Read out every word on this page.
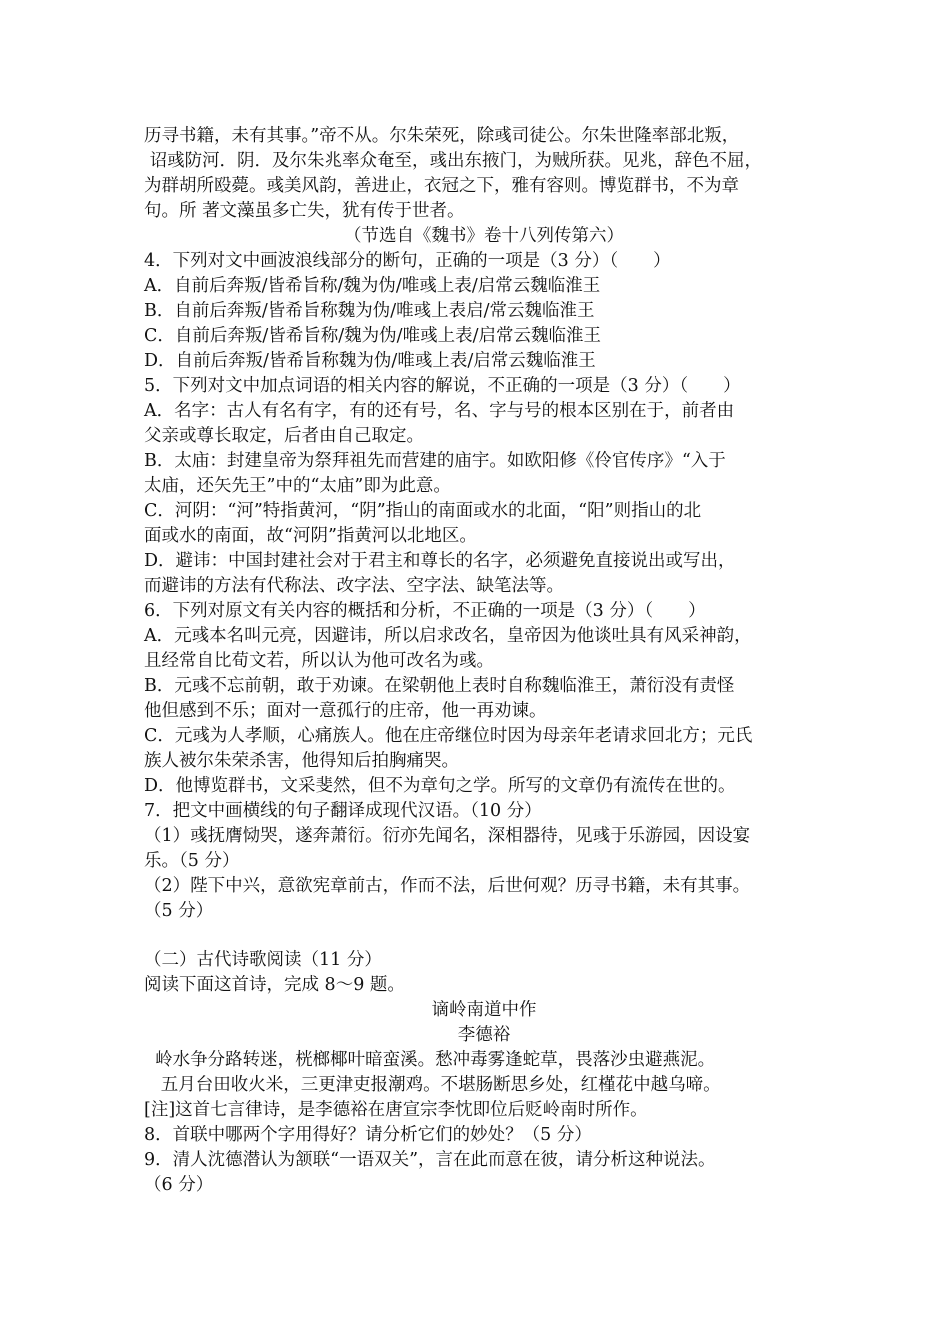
历寻书籍，未有其事。”帝不从。尔朱荣死，除彧司徒公。尔朱世隆率部北叛，
诏彧防河．阴．及尔朱兆率众奄至，彧出东掖门，为贼所获。见兆，辞色不屈，
为群胡所殴薨。彧美风韵，善进止，衣冠之下，雅有容则。博览群书，不为章
句。所 著文藻虽多亡失，犹有传于世者。
（节选自《魏书》卷十八列传第六）
4．下列对文中画波浪线部分的断句，正确的一项是（3 分）（　　）
A．自前后奔叛/皆希旨称/魏为伪/唯彧上表/启常云魏临淮王
B．自前后奔叛/皆希旨称魏为伪/唯彧上表启/常云魏临淮王
C．自前后奔叛/皆希旨称/魏为伪/唯彧上表/启常云魏临淮王
D．自前后奔叛/皆希旨称魏为伪/唯彧上表/启常云魏临淮王
5．下列对文中加点词语的相关内容的解说，不正确的一项是（3 分）（　　）
A．名字：古人有名有字，有的还有号，名、字与号的根本区别在于，前者由
父亲或尊长取定，后者由自己取定。
B．太庙：封建皇帝为祭拜祖先而营建的庙宇。如欧阳修《伶官传序》“入于
太庙，还矢先王”中的“太庙”即为此意。
C．河阴：“河”特指黄河，“阴”指山的南面或水的北面，“阳”则指山的北
面或水的南面，故“河阴”指黄河以北地区。
D．避讳：中国封建社会对于君主和尊长的名字，必须避免直接说出或写出，
而避讳的方法有代称法、改字法、空字法、缺笔法等。
6．下列对原文有关内容的概括和分析，不正确的一项是（3 分）（　　）
A．元彧本名叫元亮，因避讳，所以启求改名，皇帝因为他谈吐具有风采神韵，
且经常自比荀文若，所以认为他可改名为彧。
B．元彧不忘前朝，敢于劝谏。在梁朝他上表时自称魏临淮王，萧衍没有责怪
他但感到不乐；面对一意孤行的庄帝，他一再劝谏。
C．元彧为人孝顺，心痛族人。他在庄帝继位时因为母亲年老请求回北方；元氏
族人被尔朱荣杀害，他得知后拍胸痛哭。
D．他博览群书，文采斐然，但不为章句之学。所写的文章仍有流传在世的。
7．把文中画横线的句子翻译成现代汉语。（10 分）
（1）彧抚膺恸哭，遂奔萧衍。衍亦先闻名，深相器待，见彧于乐游园，因设宴
乐。（5 分）
（2）陛下中兴，意欲宪章前古，作而不法，后世何观？历寻书籍，未有其事。
（5 分）
（二）古代诗歌阅读（11 分）
阅读下面这首诗，完成 8～9 题。
谪岭南道中作
李德裕
岭水争分路转迷，桄榔椰叶暗蛮溪。愁冲毒雾逢蛇草，畏落沙虫避燕泥。
五月台田收火米，三更津吏报潮鸡。不堪肠断思乡处，红槿花中越乌啼。
[注]这首七言律诗，是李德裕在唐宣宗李忱即位后贬岭南时所作。
8．首联中哪两个字用得好？请分析它们的妙处？（5 分）
9．清人沈德潜认为颔联“一语双关”，言在此而意在彼，请分析这种说法。
（6 分）
